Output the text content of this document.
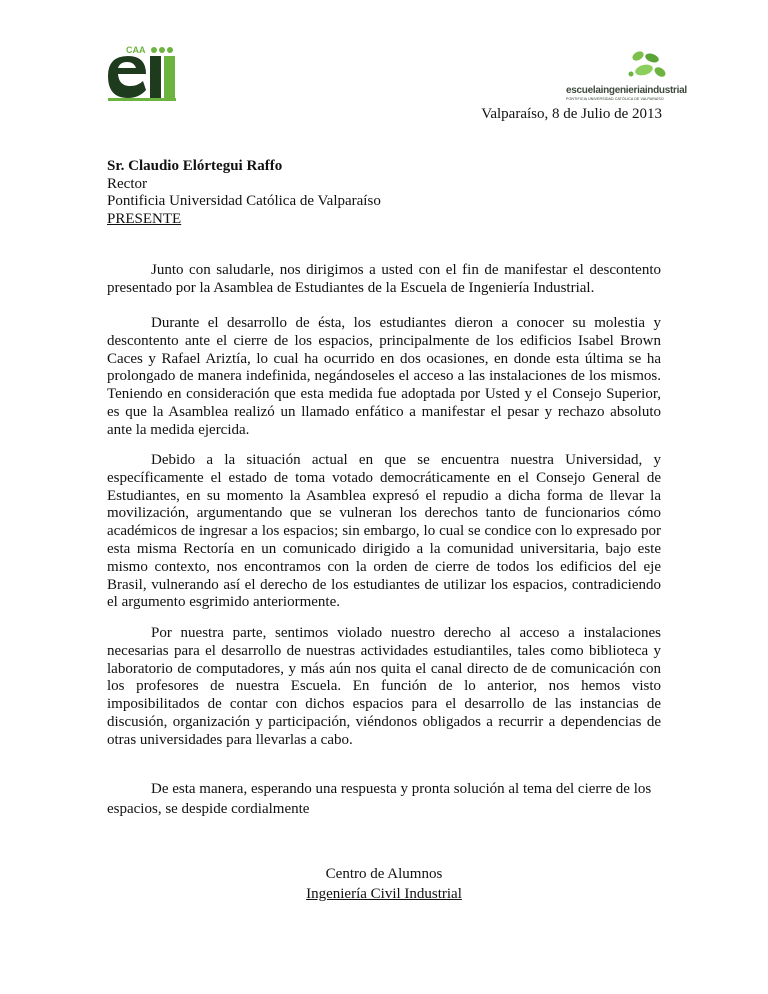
CAA
escuelaingenieriaindustrial
PONTIFICIA UNIVERSIDAD CATÓLICA DE VALPARAÍSO
Valparaíso, 8 de Julio de 2013
Sr. Claudio Elórtegui Raffo
Rector
Pontificia Universidad Católica de Valparaíso
PRESENTE

Junto con saludarle, nos dirigimos a usted con el fin de manifestar el descontento presentado por la Asamblea de Estudiantes de la Escuela de Ingeniería Industrial.

Durante el desarrollo de ésta, los estudiantes dieron a conocer su molestia y descontento ante el cierre de los espacios, principalmente de los edificios Isabel Brown Caces y Rafael Ariztía, lo cual ha ocurrido en dos ocasiones, en donde esta última se ha prolongado de manera indefinida, negándoseles el acceso a las instalaciones de los mismos. Teniendo en consideración que esta medida fue adoptada por Usted y el Consejo Superior, es que la Asamblea realizó un llamado enfático a manifestar el pesar y rechazo absoluto ante la medida ejercida.

Debido a la situación actual en que se encuentra nuestra Universidad, y específicamente el estado de toma votado democráticamente en el Consejo General de Estudiantes, en su momento la Asamblea expresó el repudio a dicha forma de llevar la movilización, argumentando que se vulneran los derechos tanto de funcionarios cómo académicos de ingresar a los espacios; sin embargo, lo cual se condice con lo expresado por esta misma Rectoría en un comunicado dirigido a la comunidad universitaria, bajo este mismo contexto, nos encontramos con la orden de cierre de todos los edificios del eje Brasil, vulnerando así el derecho de los estudiantes de utilizar los espacios, contradiciendo el argumento esgrimido anteriormente.

Por nuestra parte, sentimos violado nuestro derecho al acceso a instalaciones necesarias para el desarrollo de nuestras actividades estudiantiles, tales como biblioteca y laboratorio de computadores, y más aún nos quita el canal directo de de comunicación con los profesores de nuestra Escuela. En función de lo anterior, nos hemos visto imposibilitados de contar con dichos espacios para el desarrollo de las instancias de discusión, organización y participación, viéndonos obligados a recurrir a dependencias de otras universidades para llevarlas a cabo.

De esta manera, esperando una respuesta y pronta solución al tema del cierre de los espacios, se despide cordialmente

Centro de Alumnos
Ingeniería Civil Industrial
